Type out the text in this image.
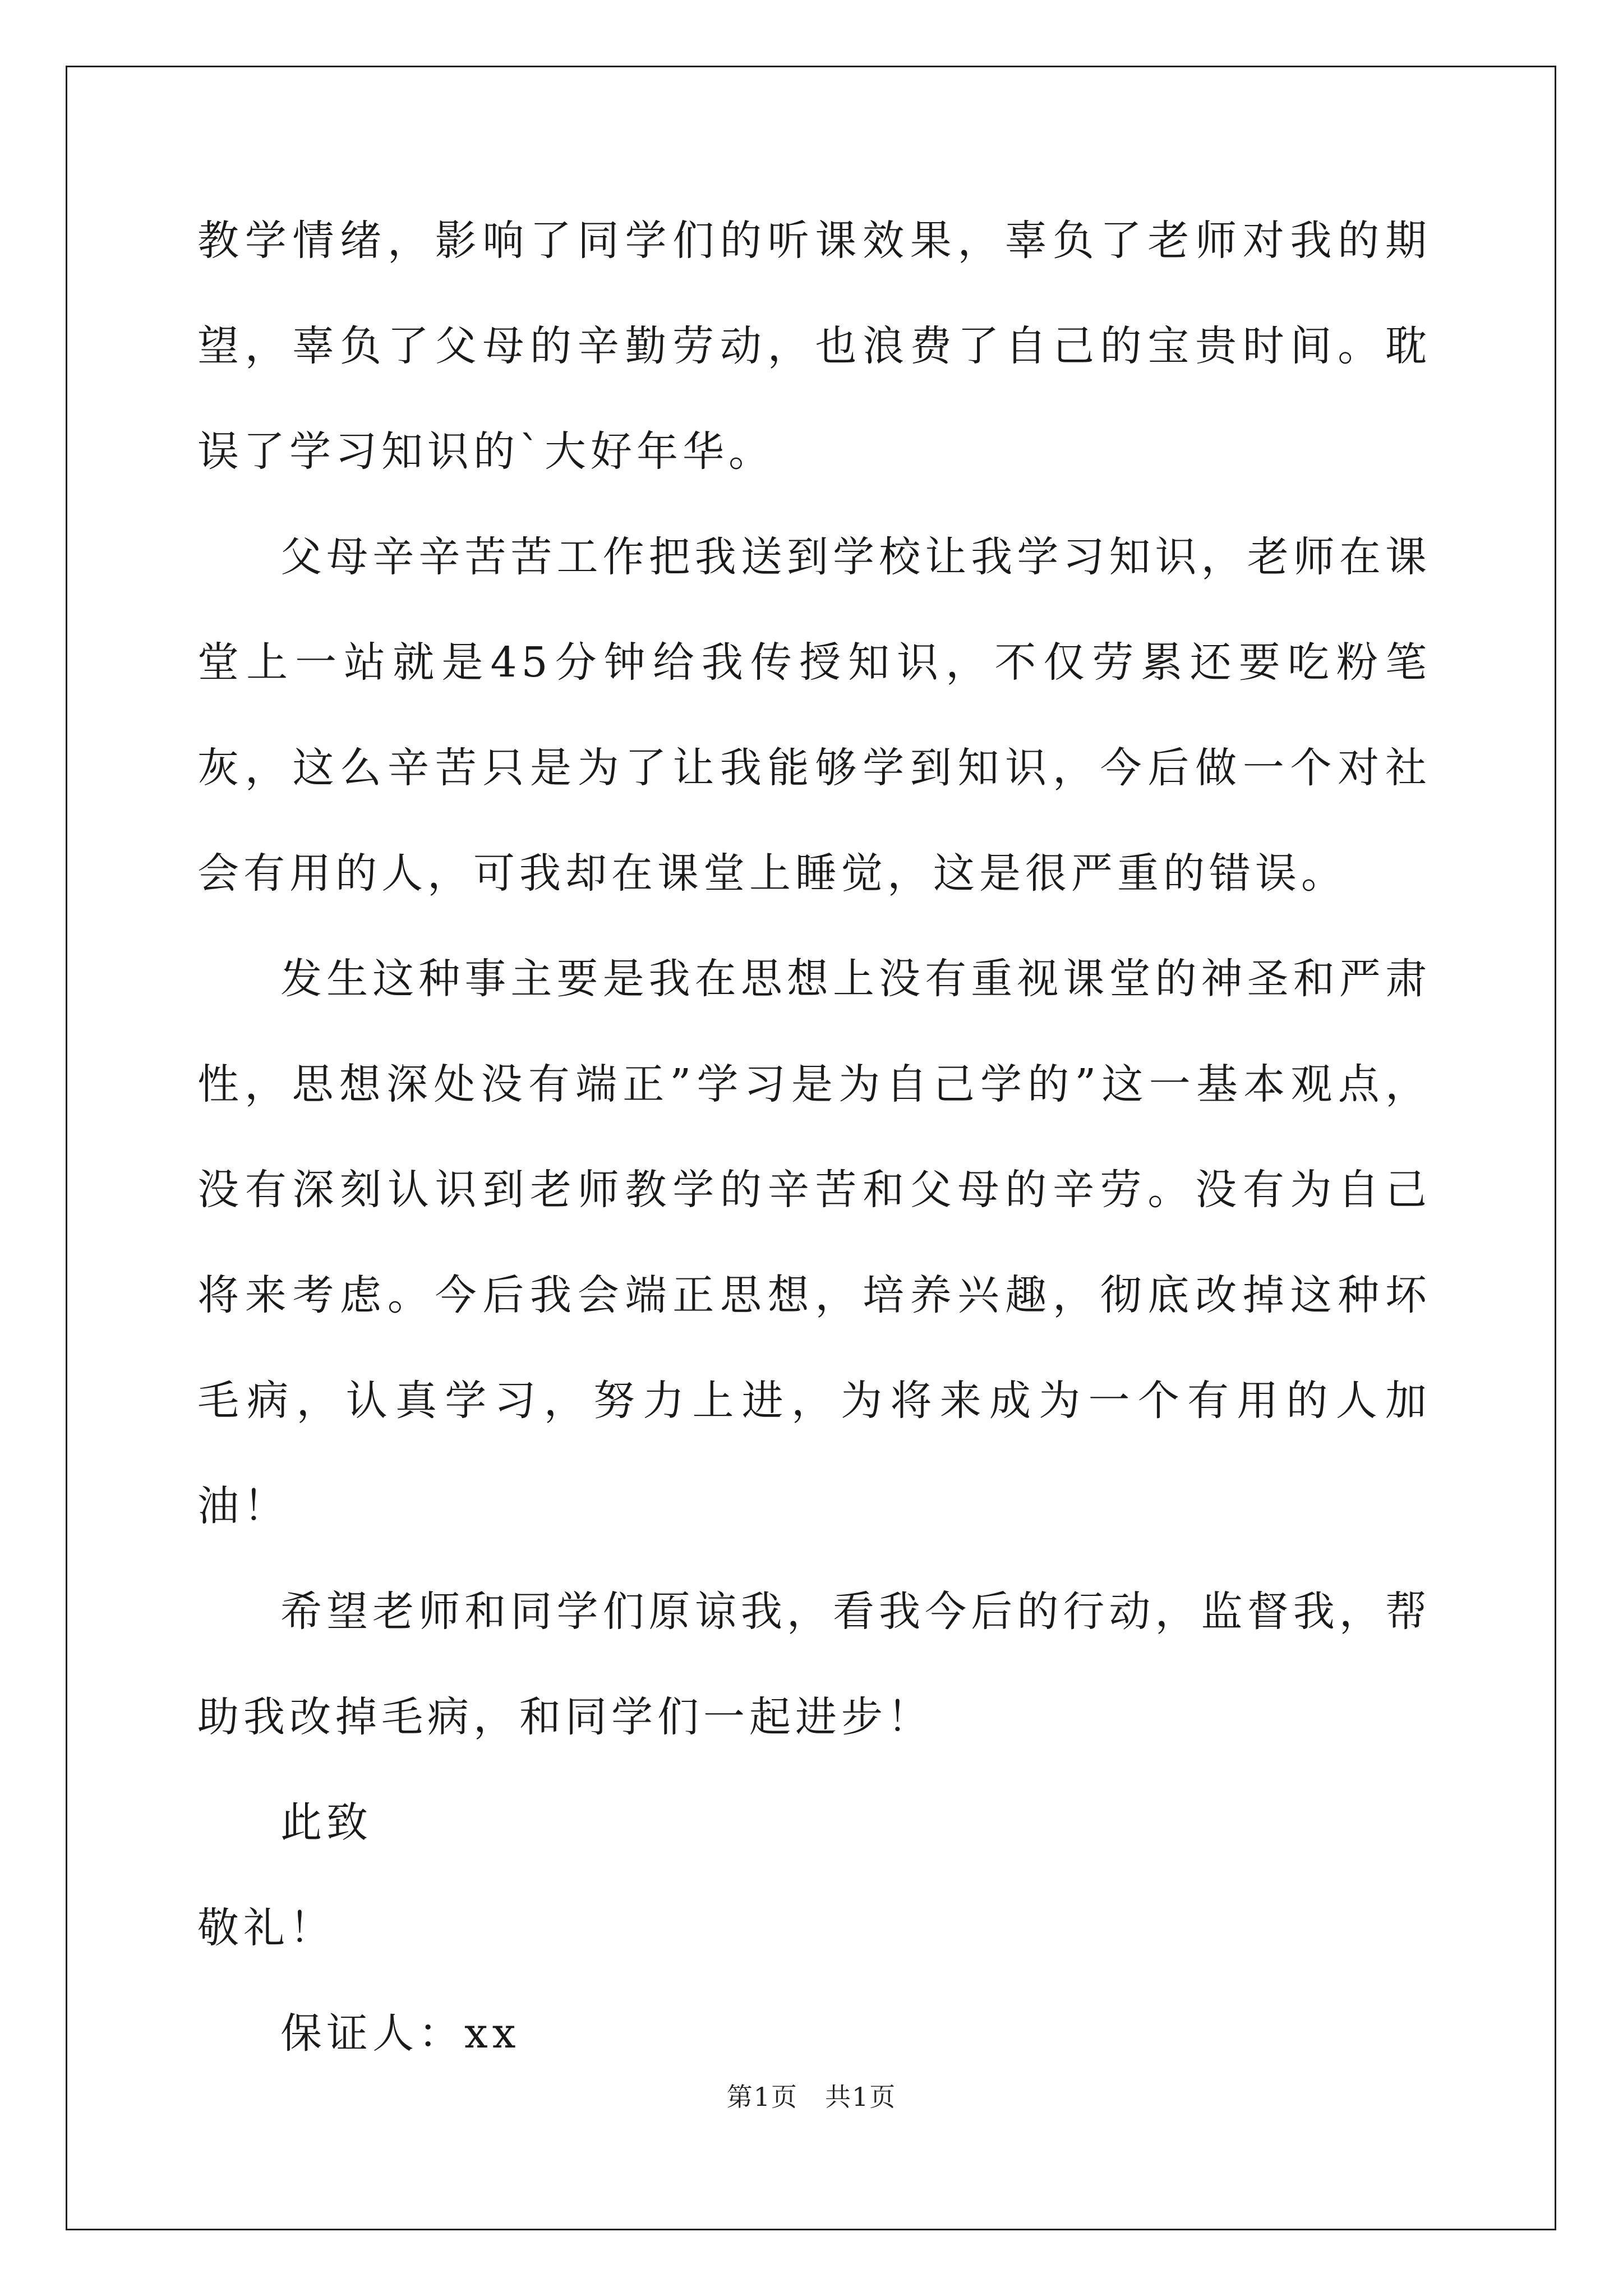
教学情绪，影响了同学们的听课效果，辜负了老师对我的期望，辜负了父母的辛勤劳动，也浪费了自己的宝贵时间。耽误了学习知识的`大好年华。

父母辛辛苦苦工作把我送到学校让我学习知识，老师在课堂上一站就是45分钟给我传授知识，不仅劳累还要吃粉笔灰，这么辛苦只是为了让我能够学到知识，今后做一个对社会有用的人，可我却在课堂上睡觉，这是很严重的错误。

发生这种事主要是我在思想上没有重视课堂的神圣和严肃性，思想深处没有端正”学习是为自己学的”这一基本观点，没有深刻认识到老师教学的辛苦和父母的辛劳。没有为自己将来考虑。今后我会端正思想，培养兴趣，彻底改掉这种坏毛病，认真学习，努力上进，为将来成为一个有用的人加油！

希望老师和同学们原谅我，看我今后的行动，监督我，帮助我改掉毛病，和同学们一起进步！

此致

敬礼！

保证人：xx

第1页　共1页
